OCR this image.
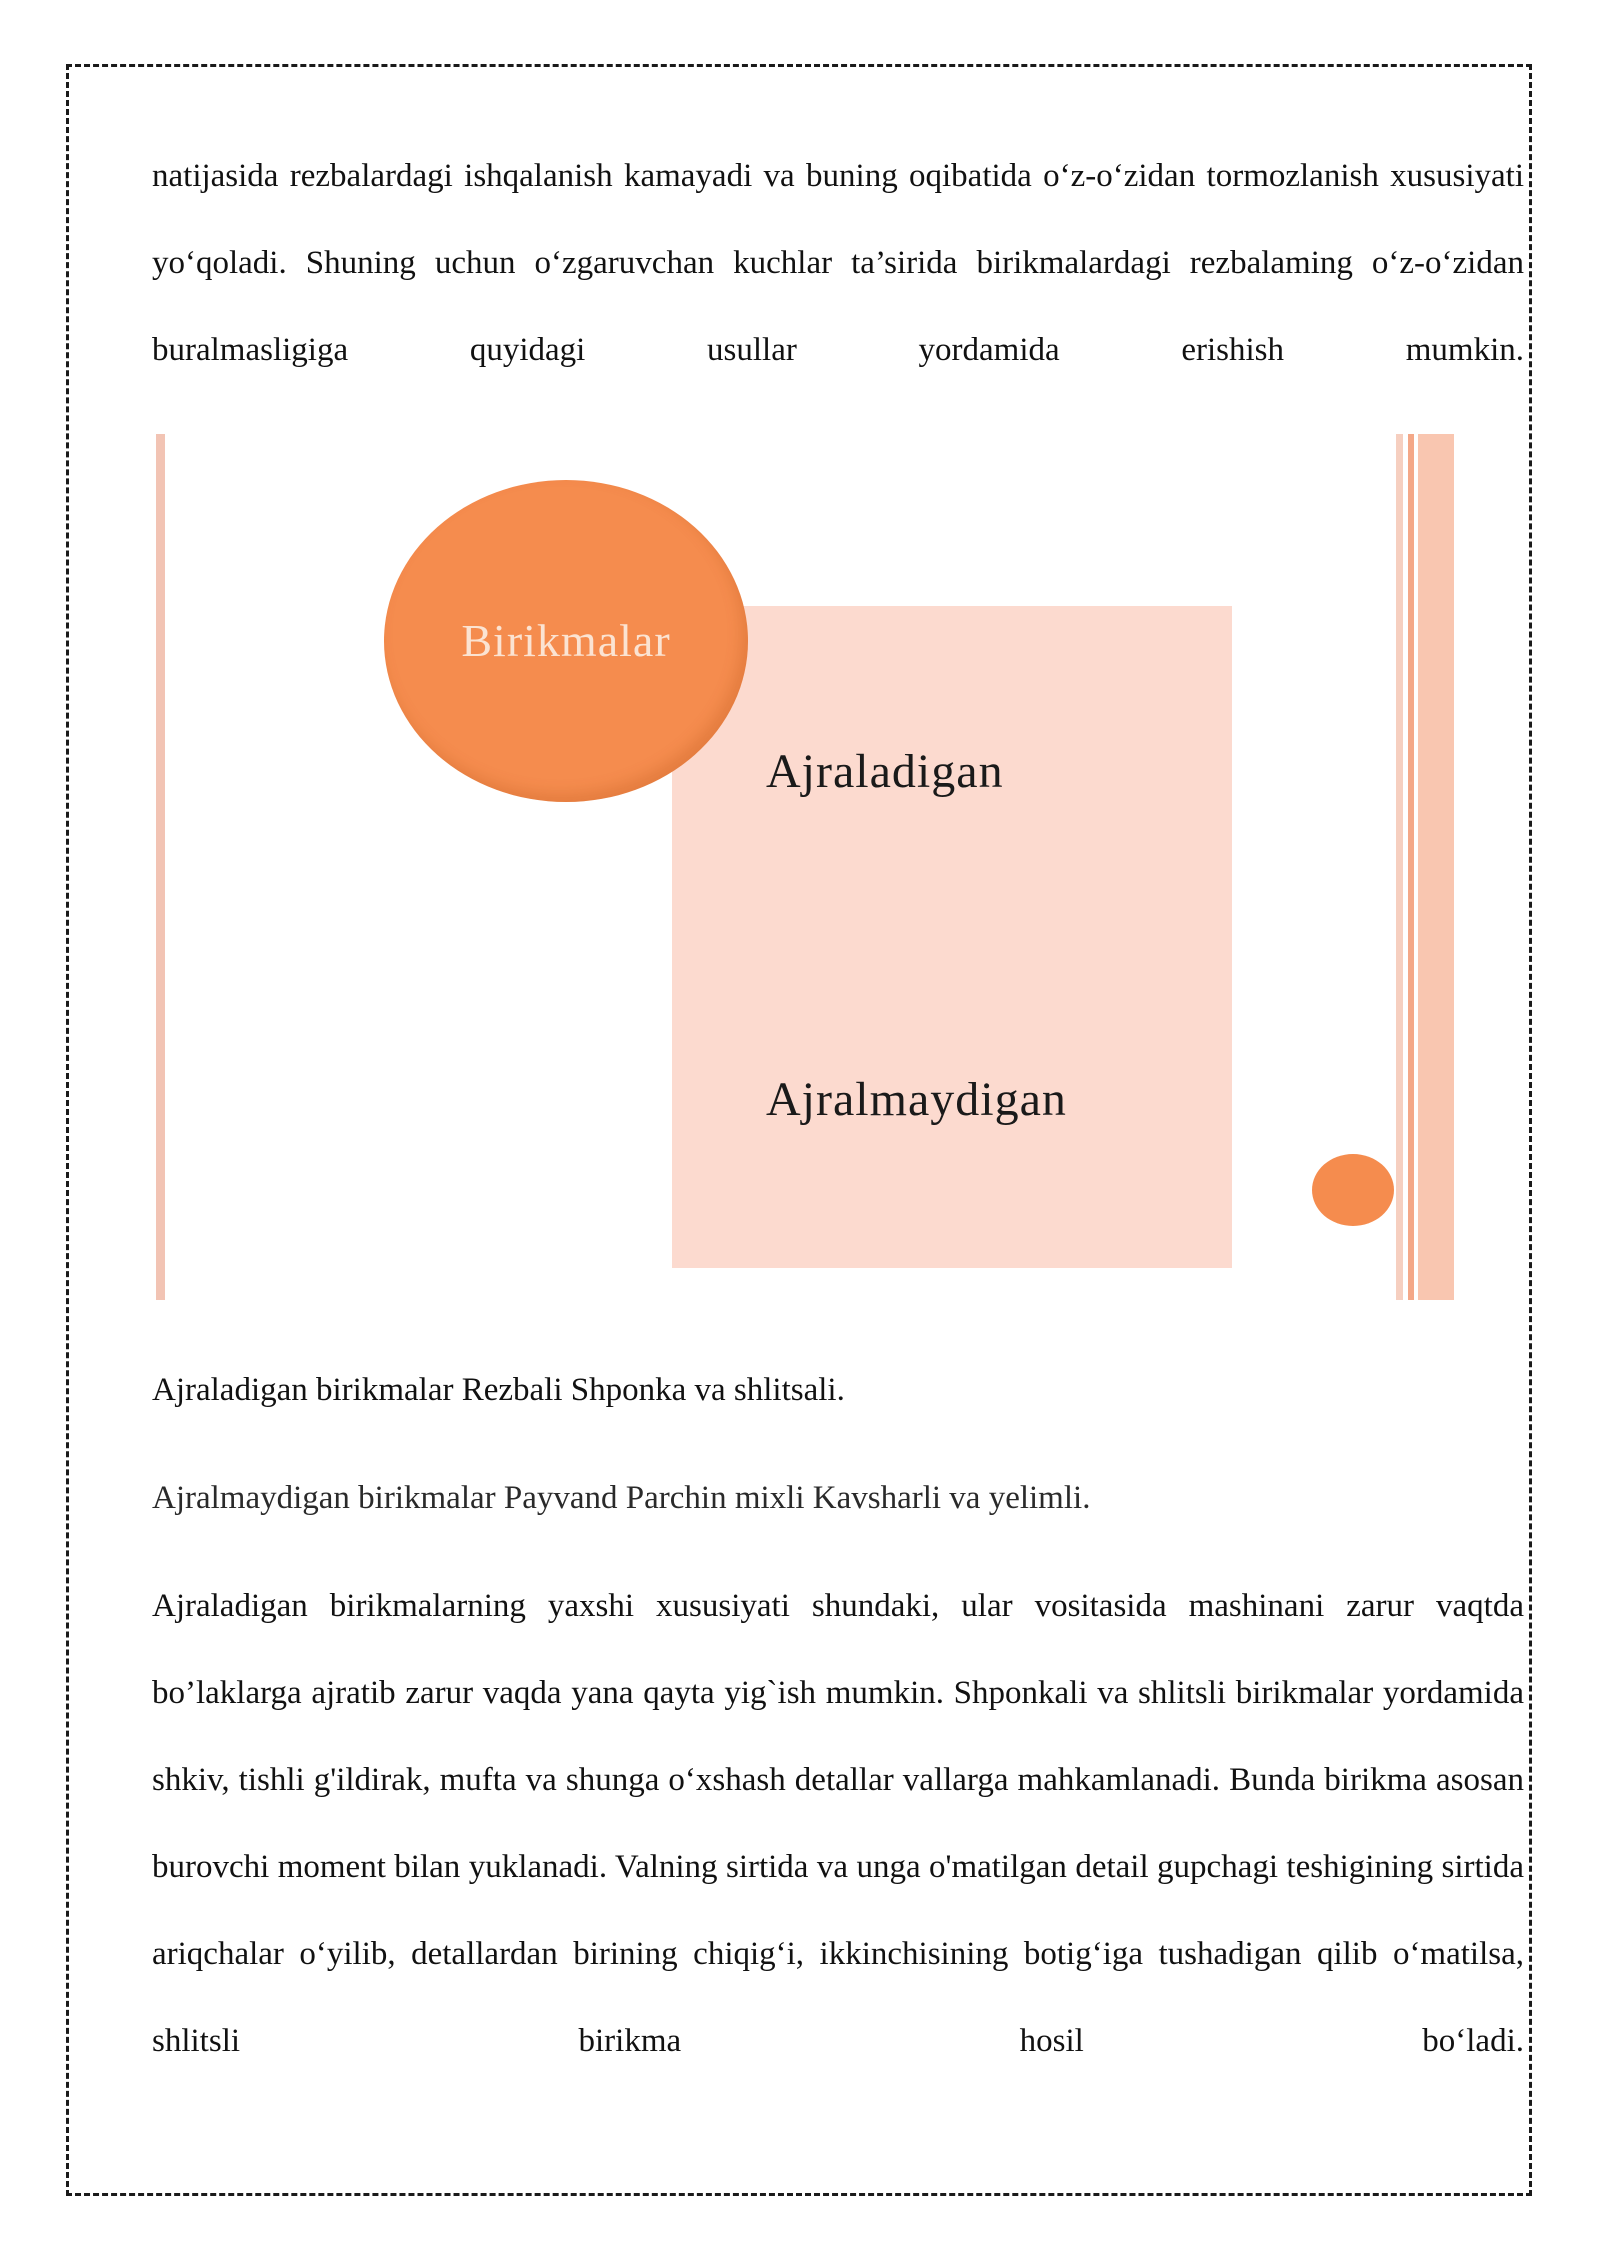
natijasida rezbalardagi ishqalanish kamayadi va buning oqibatida o‘z-o‘zidan tormozlanish xususiyati yo‘qoladi. Shuning uchun o‘zgaruvchan kuchlar ta’sirida birikmalardagi rezbalaming o‘z-o‘zidan buralmasligiga quyidagi usullar yordamida erishish mumkin.

Birikmalar
Ajraladigan
Ajralmaydigan

Ajraladigan birikmalar Rezbali Shponka va shlitsali.

Ajralmaydigan birikmalar Payvand Parchin mixli Kavsharli va yelimli.

Ajraladigan birikmalarning yaxshi xususiyati shundaki, ular vositasida mashinani zarur vaqtda bo’laklarga ajratib zarur vaqda yana qayta yig`ish mumkin. Shponkali va shlitsli birikmalar yordamida shkiv, tishli g'ildirak, mufta va shunga o‘xshash detallar vallarga mahkamlanadi. Bunda birikma asosan burovchi moment bilan yuklanadi. Valning sirtida va unga o'matilgan detail gupchagi teshigining sirtida ariqchalar o‘yilib, detallardan birining chiqig‘i, ikkinchisining botig‘iga tushadigan qilib o‘matilsa, shlitsli birikma hosil bo‘ladi.
